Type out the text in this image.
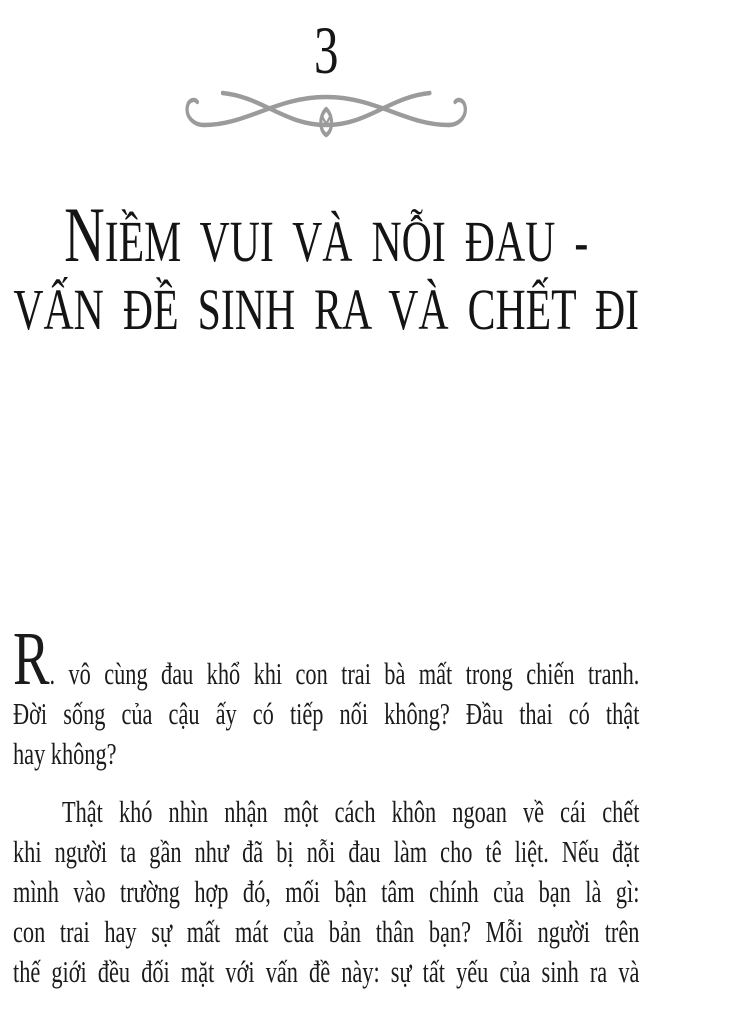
3
NIỀM VUI VÀ NỖI ĐAU -
VẤN ĐỀ SINH RA VÀ CHẾT ĐI
R. vô cùng đau khổ khi con trai bà mất trong chiến tranh.
Đời sống của cậu ấy có tiếp nối không? Đầu thai có thật
hay không?
Thật khó nhìn nhận một cách khôn ngoan về cái chết
khi người ta gần như đã bị nỗi đau làm cho tê liệt. Nếu đặt
mình vào trường hợp đó, mối bận tâm chính của bạn là gì:
con trai hay sự mất mát của bản thân bạn? Mỗi người trên
thế giới đều đối mặt với vấn đề này: sự tất yếu của sinh ra và
